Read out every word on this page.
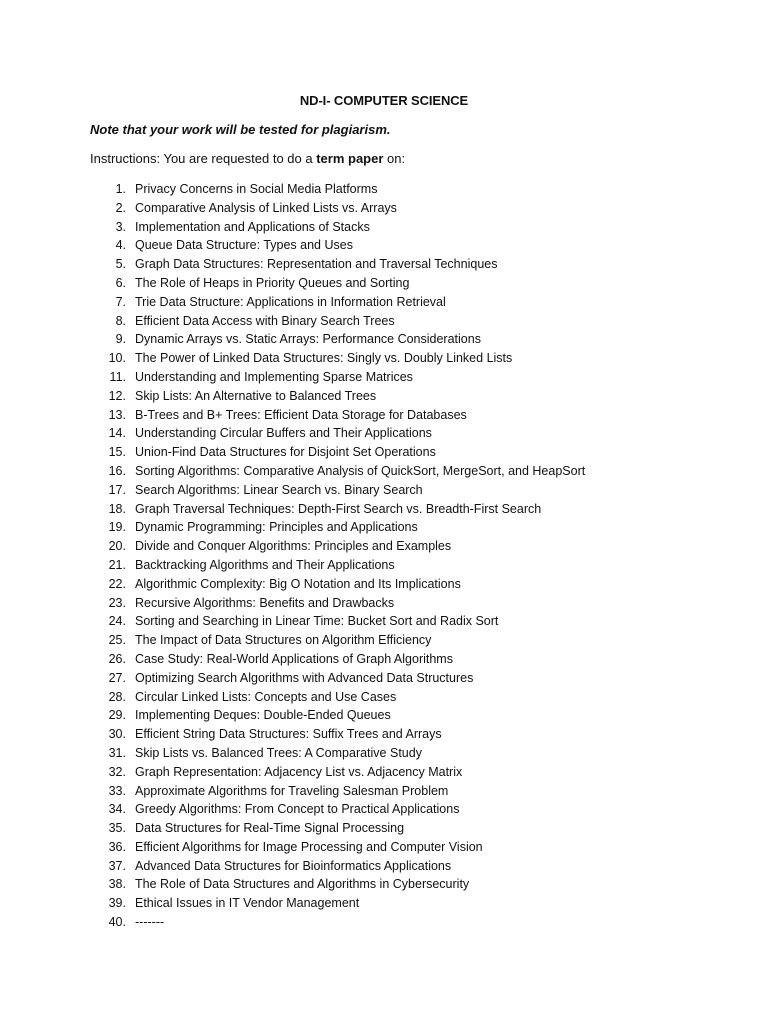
ND-I- COMPUTER SCIENCE
Note that your work will be tested for plagiarism.
Instructions: You are requested to do a term paper on:
1. Privacy Concerns in Social Media Platforms
2. Comparative Analysis of Linked Lists vs. Arrays
3. Implementation and Applications of Stacks
4. Queue Data Structure: Types and Uses
5. Graph Data Structures: Representation and Traversal Techniques
6. The Role of Heaps in Priority Queues and Sorting
7. Trie Data Structure: Applications in Information Retrieval
8. Efficient Data Access with Binary Search Trees
9. Dynamic Arrays vs. Static Arrays: Performance Considerations
10. The Power of Linked Data Structures: Singly vs. Doubly Linked Lists
11. Understanding and Implementing Sparse Matrices
12. Skip Lists: An Alternative to Balanced Trees
13. B-Trees and B+ Trees: Efficient Data Storage for Databases
14. Understanding Circular Buffers and Their Applications
15. Union-Find Data Structures for Disjoint Set Operations
16. Sorting Algorithms: Comparative Analysis of QuickSort, MergeSort, and HeapSort
17. Search Algorithms: Linear Search vs. Binary Search
18. Graph Traversal Techniques: Depth-First Search vs. Breadth-First Search
19. Dynamic Programming: Principles and Applications
20. Divide and Conquer Algorithms: Principles and Examples
21. Backtracking Algorithms and Their Applications
22. Algorithmic Complexity: Big O Notation and Its Implications
23. Recursive Algorithms: Benefits and Drawbacks
24. Sorting and Searching in Linear Time: Bucket Sort and Radix Sort
25. The Impact of Data Structures on Algorithm Efficiency
26. Case Study: Real-World Applications of Graph Algorithms
27. Optimizing Search Algorithms with Advanced Data Structures
28. Circular Linked Lists: Concepts and Use Cases
29. Implementing Deques: Double-Ended Queues
30. Efficient String Data Structures: Suffix Trees and Arrays
31. Skip Lists vs. Balanced Trees: A Comparative Study
32. Graph Representation: Adjacency List vs. Adjacency Matrix
33. Approximate Algorithms for Traveling Salesman Problem
34. Greedy Algorithms: From Concept to Practical Applications
35. Data Structures for Real-Time Signal Processing
36. Efficient Algorithms for Image Processing and Computer Vision
37. Advanced Data Structures for Bioinformatics Applications
38. The Role of Data Structures and Algorithms in Cybersecurity
39. Ethical Issues in IT Vendor Management
40. -------
